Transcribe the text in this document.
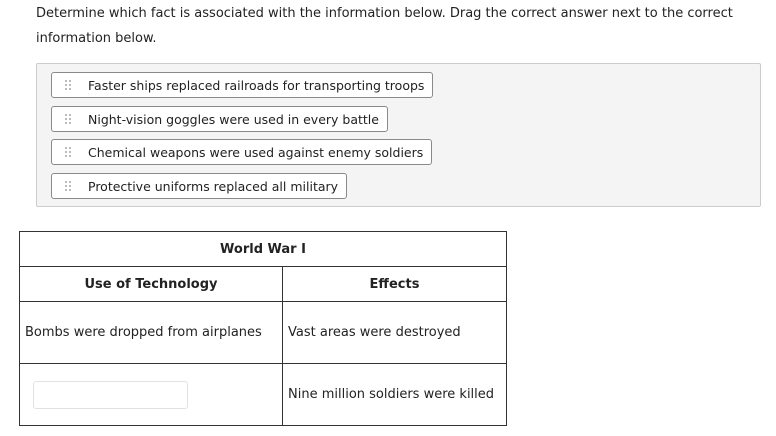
Determine which fact is associated with the information below. Drag the correct answer next to the correct information below.
Faster ships replaced railroads for transporting troops
Night-vision goggles were used in every battle
Chemical weapons were used against enemy soldiers
Protective uniforms replaced all military
World War I	
Use of Technology	Effects
Bombs were dropped from airplanes	Vast areas were destroyed

	Nine million soldiers were killed
